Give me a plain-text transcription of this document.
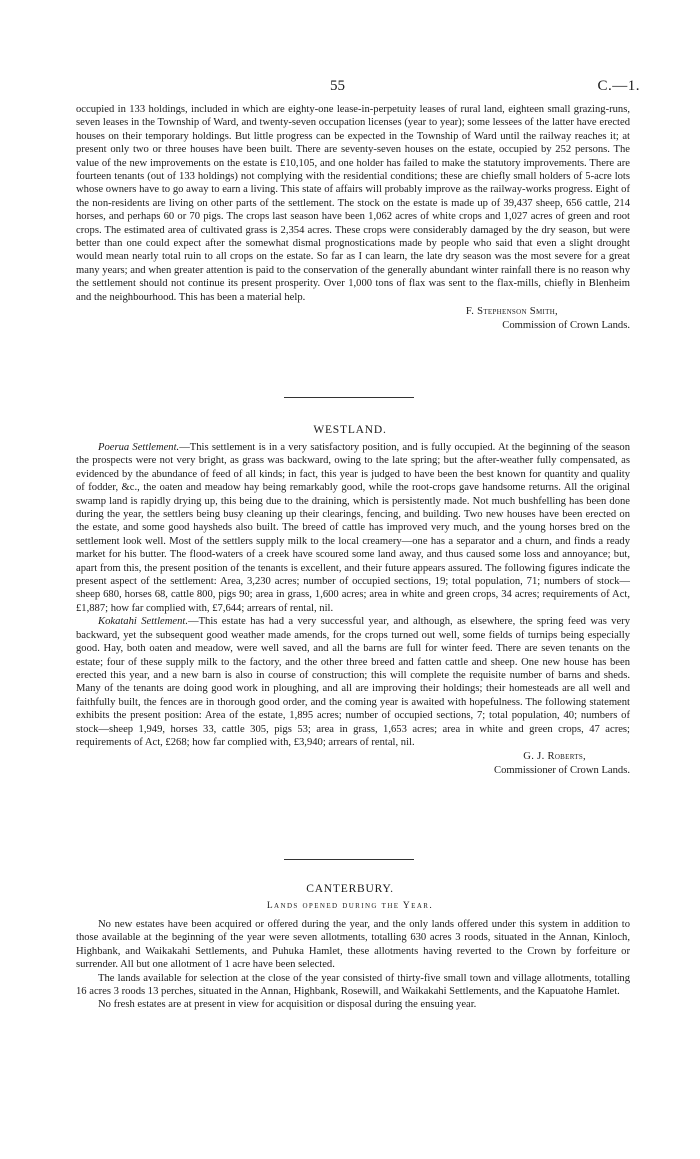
55	C.—1.

occupied in 133 holdings, included in which are eighty-one lease-in-perpetuity leases of rural land, eighteen small grazing-runs, seven leases in the Township of Ward, and twenty-seven occupation licenses (year to year); some lessees of the latter have erected houses on their temporary holdings. But little progress can be expected in the Township of Ward until the railway reaches it; at present only two or three houses have been built. There are seventy-seven houses on the estate, occupied by 252 persons. The value of the new improvements on the estate is £10,105, and one holder has failed to make the statutory improvements. There are fourteen tenants (out of 133 holdings) not complying with the residential conditions; these are chiefly small holders of 5-acre lots whose owners have to go away to earn a living. This state of affairs will probably improve as the railway-works progress. Eight of the non-residents are living on other parts of the settlement. The stock on the estate is made up of 39,437 sheep, 656 cattle, 214 horses, and perhaps 60 or 70 pigs. The crops last season have been 1,062 acres of white crops and 1,027 acres of green and root crops. The estimated area of cultivated grass is 2,354 acres. These crops were considerably damaged by the dry season, but were better than one could expect after the somewhat dismal prognostications made by people who said that even a slight drought would mean nearly total ruin to all crops on the estate. So far as I can learn, the late dry season was the most severe for a great many years; and when greater attention is paid to the conservation of the generally abundant winter rainfall there is no reason why the settlement should not continue its present prosperity. Over 1,000 tons of flax was sent to the flax-mills, chiefly in Blenheim and the neighbourhood. This has been a material help.

F. Stephenson Smith,
Commission of Crown Lands.
WESTLAND.

Poerua Settlement.—This settlement is in a very satisfactory position, and is fully occupied. At the beginning of the season the prospects were not very bright, as grass was backward, owing to the late spring; but the after-weather fully compensated, as evidenced by the abundance of feed of all kinds; in fact, this year is judged to have been the best known for quantity and quality of fodder, &c., the oaten and meadow hay being remarkably good, while the root-crops gave handsome returns. All the original swamp land is rapidly drying up, this being due to the draining, which is persistently made. Not much bushfelling has been done during the year, the settlers being busy cleaning up their clearings, fencing, and building. Two new houses have been erected on the estate, and some good haysheds also built. The breed of cattle has improved very much, and the young horses bred on the settlement look well. Most of the settlers supply milk to the local creamery—one has a separator and a churn, and finds a ready market for his butter. The flood-waters of a creek have scoured some land away, and thus caused some loss and annoyance; but, apart from this, the present position of the tenants is excellent, and their future appears assured. The following figures indicate the present aspect of the settlement: Area, 3,230 acres; number of occupied sections, 19; total population, 71; numbers of stock—sheep 680, horses 68, cattle 800, pigs 90; area in grass, 1,600 acres; area in white and green crops, 34 acres; requirements of Act, £1,887; how far complied with, £7,644; arrears of rental, nil.

Kokatahi Settlement.—This estate has had a very successful year, and although, as elsewhere, the spring feed was very backward, yet the subsequent good weather made amends, for the crops turned out well, some fields of turnips being especially good. Hay, both oaten and meadow, were well saved, and all the barns are full for winter feed. There are seven tenants on the estate; four of these supply milk to the factory, and the other three breed and fatten cattle and sheep. One new house has been erected this year, and a new barn is also in course of construction; this will complete the requisite number of barns and sheds. Many of the tenants are doing good work in ploughing, and all are improving their holdings; their homesteads are all well and faithfully built, the fences are in thorough good order, and the coming year is awaited with hopefulness. The following statement exhibits the present position: Area of the estate, 1,895 acres; number of occupied sections, 7; total population, 40; numbers of stock—sheep 1,949, horses 33, cattle 305, pigs 53; area in grass, 1,653 acres; area in white and green crops, 47 acres; requirements of Act, £268; how far complied with, £3,940; arrears of rental, nil.

G. J. Roberts,
Commissioner of Crown Lands.
CANTERBURY.
Lands opened during the Year.

No new estates have been acquired or offered during the year, and the only lands offered under this system in addition to those available at the beginning of the year were seven allotments, totalling 630 acres 3 roods, situated in the Annan, Kinloch, Highbank, and Waikakahi Settlements, and Puhuka Hamlet, these allotments having reverted to the Crown by forfeiture or surrender. All but one allotment of 1 acre have been selected.

The lands available for selection at the close of the year consisted of thirty-five small town and village allotments, totalling 16 acres 3 roods 13 perches, situated in the Annan, Highbank, Rosewill, and Waikakahi Settlements, and the Kapuatohe Hamlet.

No fresh estates are at present in view for acquisition or disposal during the ensuing year.
